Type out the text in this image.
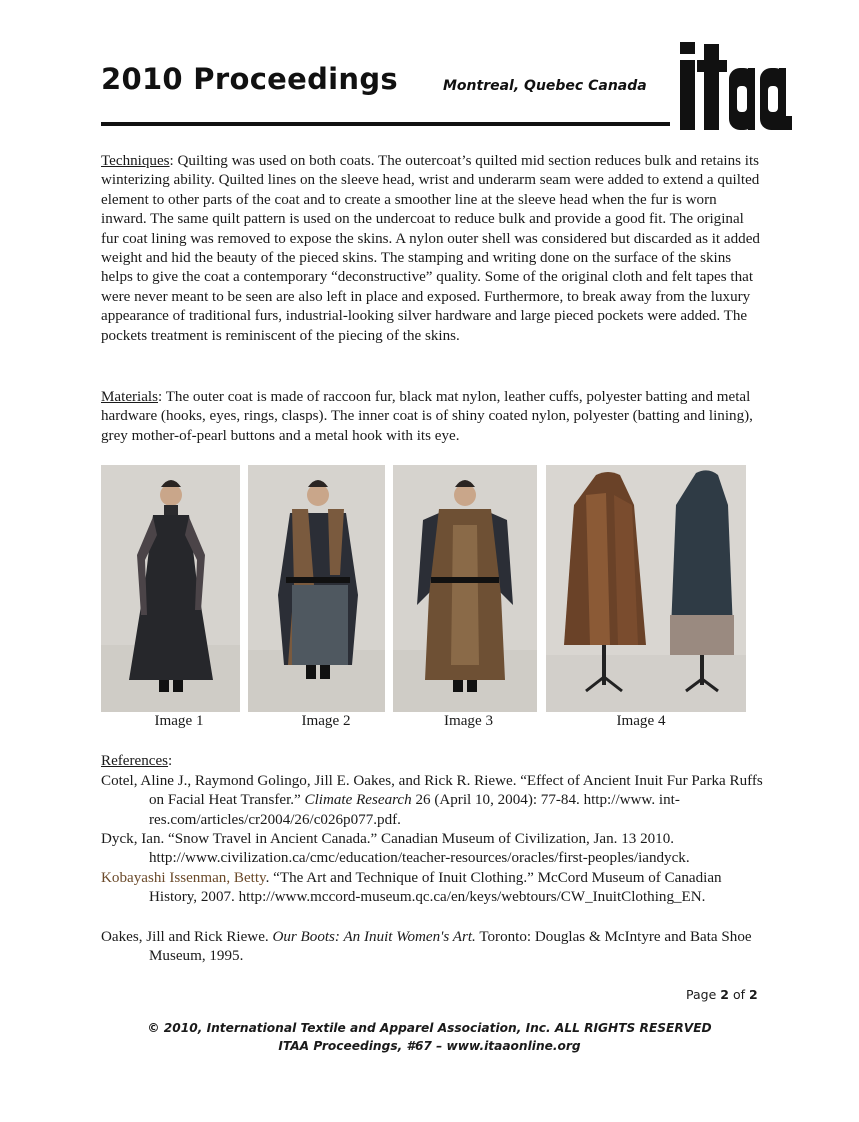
2010 Proceedings	Montreal, Quebec Canada
Techniques: Quilting was used on both coats. The outercoat’s quilted mid section reduces bulk and retains its winterizing ability. Quilted lines on the sleeve head, wrist and underarm seam were added to extend a quilted element to other parts of the coat and to create a smoother line at the sleeve head when the fur is worn inward. The same quilt pattern is used on the undercoat to reduce bulk and provide a good fit. The original fur coat lining was removed to expose the skins. A nylon outer shell was considered but discarded as it added weight and hid the beauty of the pieced skins. The stamping and writing done on the surface of the skins helps to give the coat a contemporary “deconstructive” quality. Some of the original cloth and felt tapes that were never meant to be seen are also left in place and exposed. Furthermore, to break away from the luxury appearance of traditional furs, industrial-looking silver hardware and large pieced pockets were added. The pockets treatment is reminiscent of the piecing of the skins.
Materials: The outer coat is made of raccoon fur, black mat nylon, leather cuffs, polyester batting and metal hardware (hooks, eyes, rings, clasps). The inner coat is of shiny coated nylon, polyester (batting and lining), grey mother-of-pearl buttons and a metal hook with its eye.
Image 1	Image 2	Image 3	Image 4
References:
Cotel, Aline J., Raymond Golingo, Jill E. Oakes, and Rick R. Riewe. “Effect of Ancient Inuit Fur Parka Ruffs on Facial Heat Transfer.” Climate Research 26 (April 10, 2004): 77-84. http://www. int-res.com/articles/cr2004/26/c026p077.pdf.
Dyck, Ian. “Snow Travel in Ancient Canada.” Canadian Museum of Civilization, Jan. 13 2010. http://www.civilization.ca/cmc/education/teacher-resources/oracles/first-peoples/iandyck.
Kobayashi Issenman, Betty. “The Art and Technique of Inuit Clothing.” McCord Museum of Canadian History, 2007. http://www.mccord-museum.qc.ca/en/keys/webtours/CW_InuitClothing_EN.
Oakes, Jill and Rick Riewe. Our Boots: An Inuit Women's Art. Toronto: Douglas & McIntyre and Bata Shoe Museum, 1995.
Page 2 of 2
© 2010, International Textile and Apparel Association, Inc. ALL RIGHTS RESERVED
ITAA Proceedings, #67 – www.itaaonline.org
